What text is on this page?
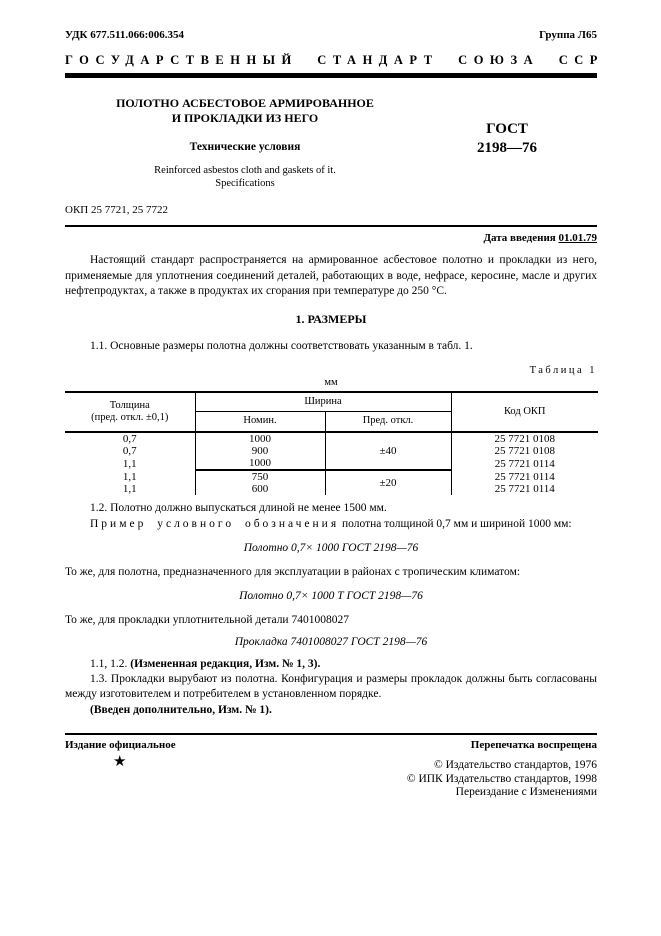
УДК 677.511.066:006.354	Группа Л65
ГОСУДАРСТВЕННЫЙ СТАНДАРТ СОЮЗА ССР
ПОЛОТНО АСБЕСТОВОЕ АРМИРОВАННОЕ
И ПРОКЛАДКИ ИЗ НЕГО
Технические условия
Reinforced asbestos cloth and gaskets of it.
Specifications
ОКП 25 7721, 25 7722
ГОСТ
2198—76
Дата введения 01.01.79

Настоящий стандарт распространяется на армированное асбестовое полотно и прокладки из него, применяемые для уплотнения соединений деталей, работающих в воде, нефрасе, керосине, масле и других нефтепродуктах, а также в продуктах их сгорания при температуре до 250 °С.

1. РАЗМЕРЫ

1.1. Основные размеры полотна должны соответствовать указанным в табл. 1.

Таблица 1
мм
Толщина
(пред. откл. ±0,1)	Ширина		Код ОКП
	Номин.	Пред. откл.	
0,7	1000	±40	25 7721 0108
0,7	900		25 7721 0108
1,1	1000		25 7721 0114
1,1	750	±20	25 7721 0114
1,1	600		25 7721 0114

1.2. Полотно должно выпускаться длиной не менее 1500 мм.

Пример условного обозначения полотна толщиной 0,7 мм и шириной 1000 мм:
Полотно 0,7× 1000 ГОСТ 2198—76
То же, для полотна, предназначенного для эксплуатации в районах с тропическим климатом:
Полотно 0,7× 1000 Т ГОСТ 2198—76
То же, для прокладки уплотнительной детали 7401008027
Прокладка 7401008027 ГОСТ 2198—76
1.1, 1.2. (Измененная редакция, Изм. № 1, 3).

1.3. Прокладки вырубают из полотна. Конфигурация и размеры прокладок должны быть согласованы между изготовителем и потребителем в установленном порядке.

(Введен дополнительно, Изм. № 1).

Издание официальное	Перепечатка воспрещена
★	© Издательство стандартов, 1976
© ИПК Издательство стандартов, 1998
Переиздание с Изменениями
